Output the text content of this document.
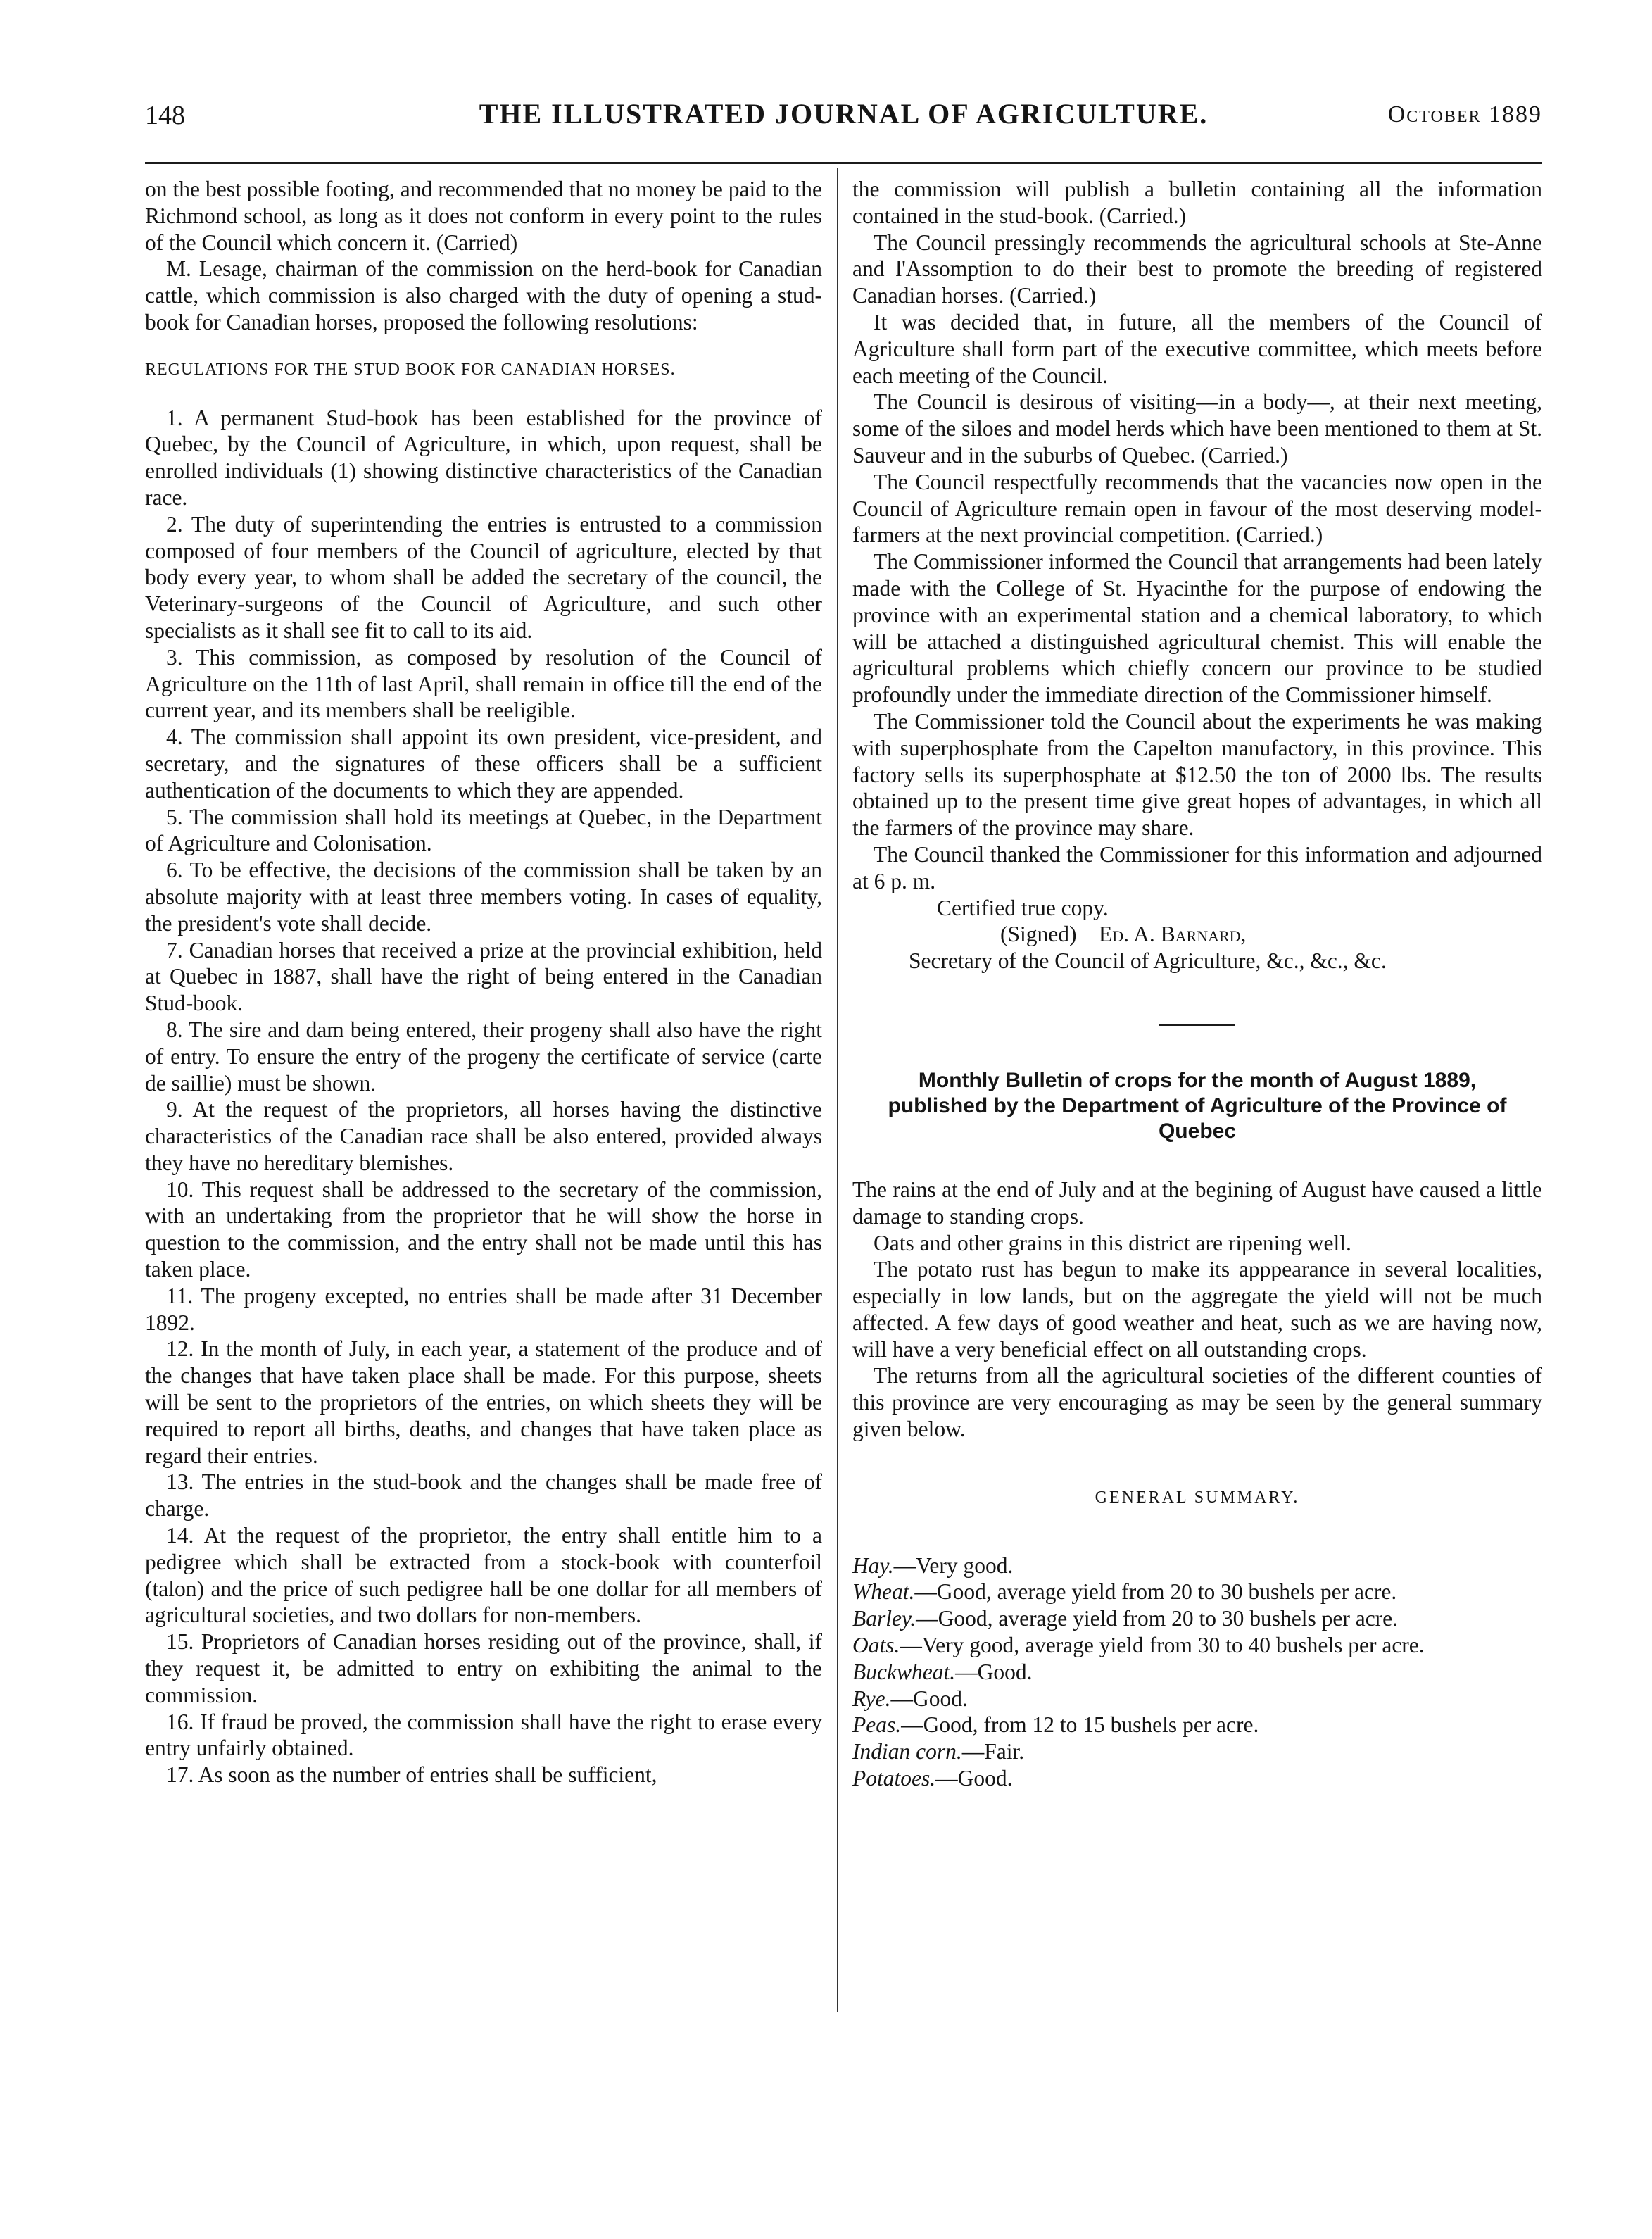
148	THE ILLUSTRATED JOURNAL OF AGRICULTURE.	October 1889

on the best possible footing, and recommended that no money be paid to the Richmond school, as long as it does not conform in every point to the rules of the Council which concern it. (Carried)

M. Lesage, chairman of the commission on the herd-book for Canadian cattle, which commission is also charged with the duty of opening a stud-book for Canadian horses, proposed the following resolutions:

REGULATIONS FOR THE STUD BOOK FOR CANADIAN HORSES.

1. A permanent Stud-book has been established for the province of Quebec, by the Council of Agriculture, in which, upon request, shall be enrolled individuals (1) showing distinctive characteristics of the Canadian race.

2. The duty of superintending the entries is entrusted to a commission composed of four members of the Council of agriculture, elected by that body every year, to whom shall be added the secretary of the council, the Veterinary-surgeons of the Council of Agriculture, and such other specialists as it shall see fit to call to its aid.

3. This commission, as composed by resolution of the Council of Agriculture on the 11th of last April, shall remain in office till the end of the current year, and its members shall be reeligible.

4. The commission shall appoint its own president, vice-president, and secretary, and the signatures of these officers shall be a sufficient authentication of the documents to which they are appended.

5. The commission shall hold its meetings at Quebec, in the Department of Agriculture and Colonisation.

6. To be effective, the decisions of the commission shall be taken by an absolute majority with at least three members voting. In cases of equality, the president's vote shall decide.

7. Canadian horses that received a prize at the provincial exhibition, held at Quebec in 1887, shall have the right of being entered in the Canadian Stud-book.

8. The sire and dam being entered, their progeny shall also have the right of entry. To ensure the entry of the progeny the certificate of service (carte de saillie) must be shown.

9. At the request of the proprietors, all horses having the distinctive characteristics of the Canadian race shall be also entered, provided always they have no hereditary blemishes.

10. This request shall be addressed to the secretary of the commission, with an undertaking from the proprietor that he will show the horse in question to the commission, and the entry shall not be made until this has taken place.

11. The progeny excepted, no entries shall be made after 31 December 1892.

12. In the month of July, in each year, a statement of the produce and of the changes that have taken place shall be made. For this purpose, sheets will be sent to the proprietors of the entries, on which sheets they will be required to report all births, deaths, and changes that have taken place as regard their entries.

13. The entries in the stud-book and the changes shall be made free of charge.

14. At the request of the proprietor, the entry shall entitle him to a pedigree which shall be extracted from a stock-book with counterfoil (talon) and the price of such pedigree hall be one dollar for all members of agricultural societies, and two dollars for non-members.

15. Proprietors of Canadian horses residing out of the province, shall, if they request it, be admitted to entry on exhibiting the animal to the commission.

16. If fraud be proved, the commission shall have the right to erase every entry unfairly obtained.

17. As soon as the number of entries shall be sufficient,

the commission will publish a bulletin containing all the information contained in the stud-book. (Carried.)

The Council pressingly recommends the agricultural schools at Ste-Anne and l'Assomption to do their best to promote the breeding of registered Canadian horses. (Carried.)

It was decided that, in future, all the members of the Council of Agriculture shall form part of the executive committee, which meets before each meeting of the Council.

The Council is desirous of visiting—in a body—, at their next meeting, some of the siloes and model herds which have been mentioned to them at St. Sauveur and in the suburbs of Quebec. (Carried.)

The Council respectfully recommends that the vacancies now open in the Council of Agriculture remain open in favour of the most deserving model-farmers at the next provincial competition. (Carried.)

The Commissioner informed the Council that arrangements had been lately made with the College of St. Hyacinthe for the purpose of endowing the province with an experimental station and a chemical laboratory, to which will be attached a distinguished agricultural chemist. This will enable the agricultural problems which chiefly concern our province to be studied profoundly under the immediate direction of the Commissioner himself.

The Commissioner told the Council about the experiments he was making with superphosphate from the Capelton manufactory, in this province. This factory sells its superphosphate at $12.50 the ton of 2000 lbs. The results obtained up to the present time give great hopes of advantages, in which all the farmers of the province may share.

The Council thanked the Commissioner for this information and adjourned at 6 p. m.

Certified true copy.
(Signed) Ed. A. Barnard,
Secretary of the Council of Agriculture, &c., &c., &c.
Monthly Bulletin of crops for the month of August 1889, published by the Department of Agriculture of the Province of Quebec

The rains at the end of July and at the begining of August have caused a little damage to standing crops.

Oats and other grains in this district are ripening well.

The potato rust has begun to make its apppearance in several localities, especially in low lands, but on the aggregate the yield will not be much affected. A few days of good weather and heat, such as we are having now, will have a very beneficial effect on all outstanding crops.

The returns from all the agricultural societies of the different counties of this province are very encouraging as may be seen by the general summary given below.

GENERAL SUMMARY.

Hay.—Very good.

Wheat.—Good, average yield from 20 to 30 bushels per acre.

Barley.—Good, average yield from 20 to 30 bushels per acre.

Oats.—Very good, average yield from 30 to 40 bushels per acre.

Buckwheat.—Good.

Rye.—Good.

Peas.—Good, from 12 to 15 bushels per acre.

Indian corn.—Fair.

Potatoes.—Good.
